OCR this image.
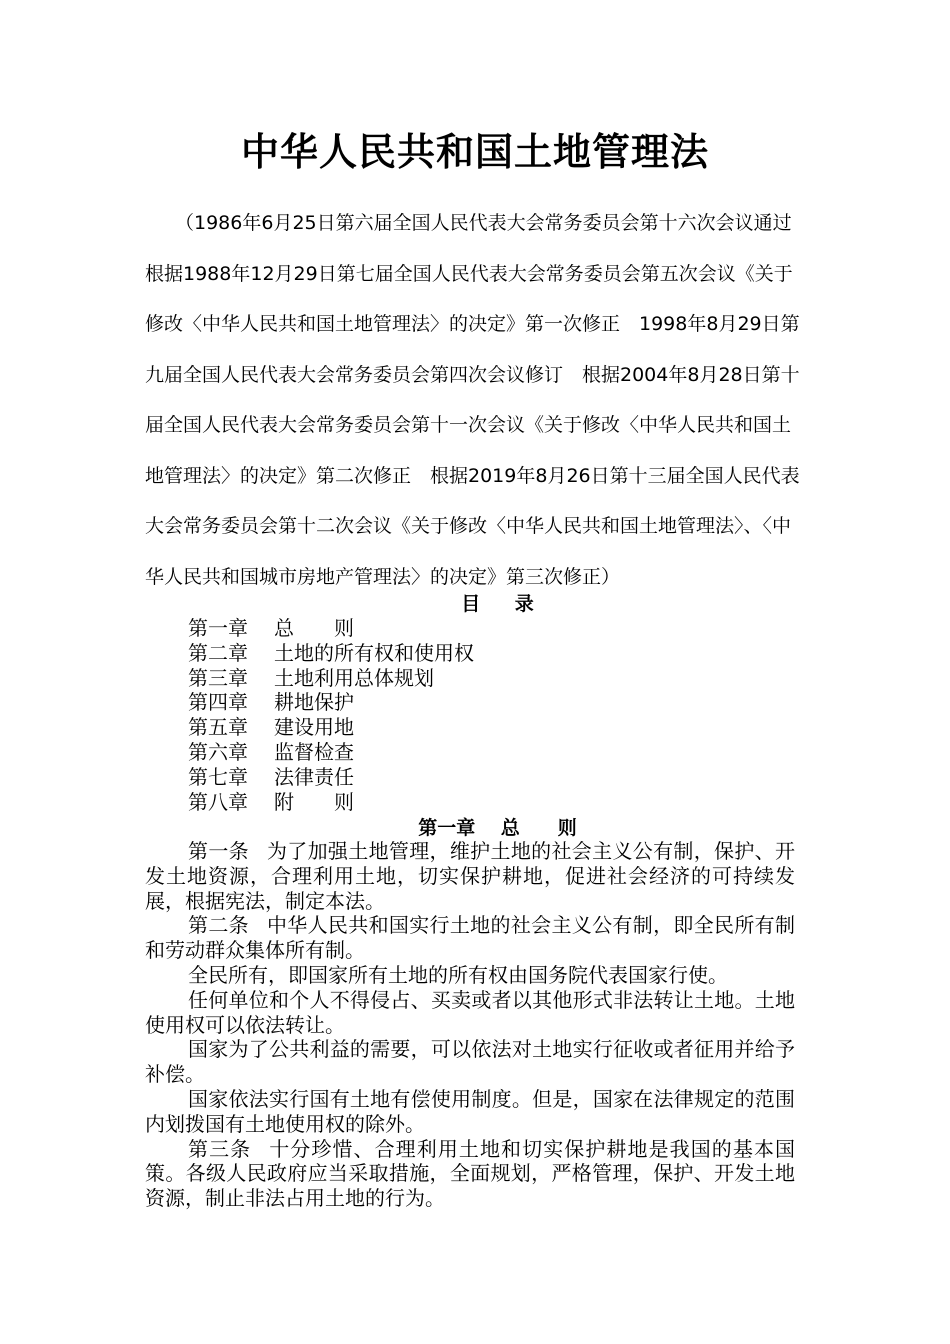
中华人民共和国土地管理法

（1986年6月25日第六届全国人民代表大会常务委员会第十六次会议通过　根据1988年12月29日第七届全国人民代表大会常务委员会第五次会议《关于修改〈中华人民共和国土地管理法〉的决定》第一次修正　1998年8月29日第九届全国人民代表大会常务委员会第四次会议修订　根据2004年8月28日第十届全国人民代表大会常务委员会第十一次会议《关于修改〈中华人民共和国土地管理法〉的决定》第二次修正　根据2019年8月26日第十三届全国人民代表大会常务委员会第十二次会议《关于修改〈中华人民共和国土地管理法〉、〈中华人民共和国城市房地产管理法〉的决定》第三次修正）

目 录
第一章 总　　则
第二章 土地的所有权和使用权
第三章 土地利用总体规划
第四章 耕地保护
第五章 建设用地
第六章 监督检查
第七章 法律责任
第八章 附　　则
第一章　 总　　则

第一条 为了加强土地管理，维护土地的社会主义公有制，保护、开发土地资源，合理利用土地，切实保护耕地，促进社会经济的可持续发展，根据宪法，制定本法。

第二条 中华人民共和国实行土地的社会主义公有制，即全民所有制和劳动群众集体所有制。

全民所有，即国家所有土地的所有权由国务院代表国家行使。

任何单位和个人不得侵占、买卖或者以其他形式非法转让土地。土地使用权可以依法转让。

国家为了公共利益的需要，可以依法对土地实行征收或者征用并给予补偿。

国家依法实行国有土地有偿使用制度。但是，国家在法律规定的范围内划拨国有土地使用权的除外。

第三条 十分珍惜、合理利用土地和切实保护耕地是我国的基本国策。各级人民政府应当采取措施，全面规划，严格管理，保护、开发土地资源，制止非法占用土地的行为。
